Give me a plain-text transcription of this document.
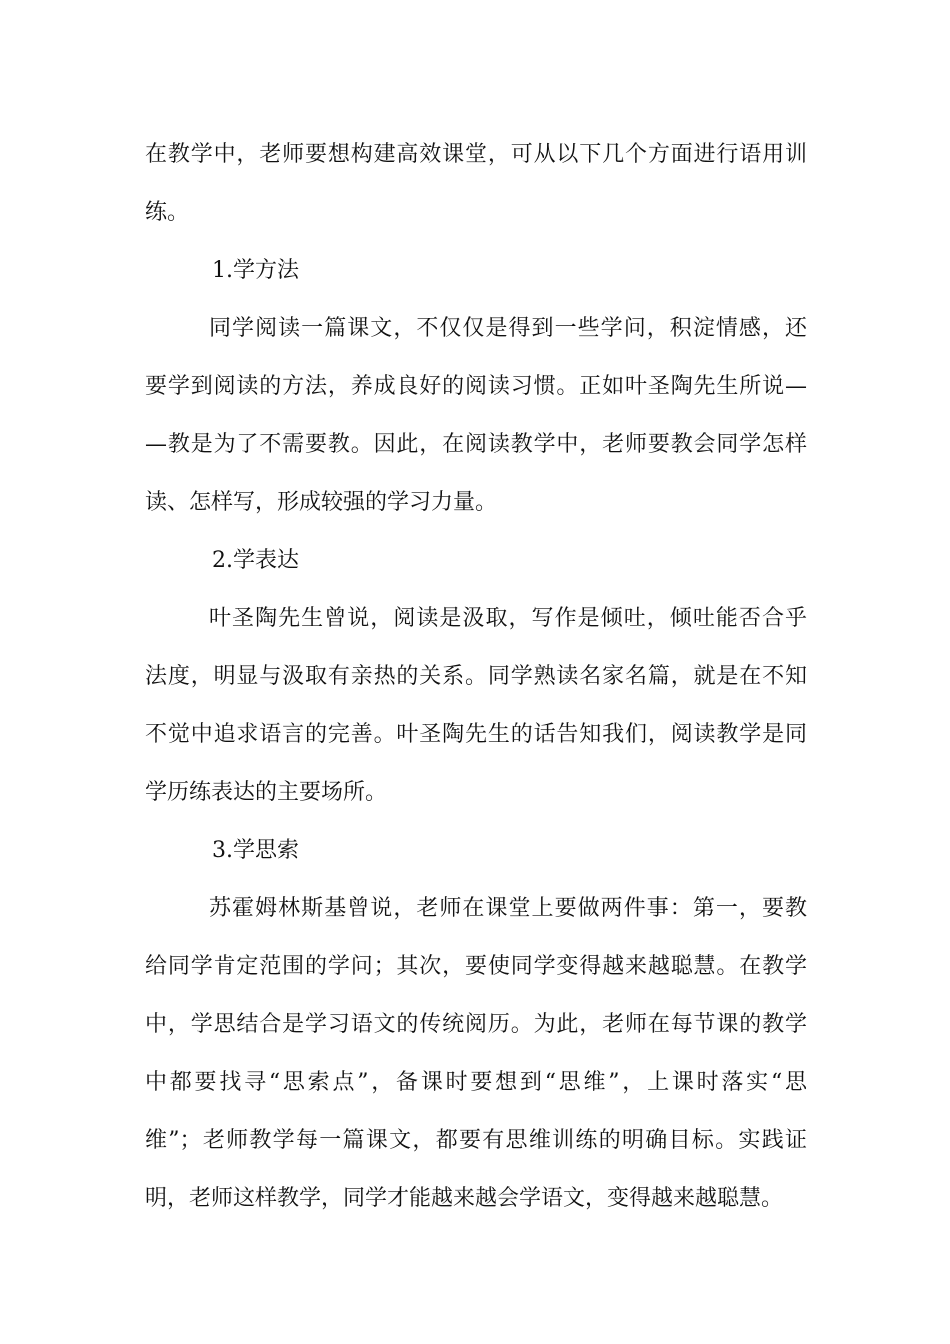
在教学中，老师要想构建高效课堂，可从以下几个方面进行语用训
练。
1.学方法
同学阅读一篇课文，不仅仅是得到一些学问，积淀情感，还
要学到阅读的方法，养成良好的阅读习惯。正如叶圣陶先生所说—
—教是为了不需要教。因此，在阅读教学中，老师要教会同学怎样
读、怎样写，形成较强的学习力量。
2.学表达
叶圣陶先生曾说，阅读是汲取，写作是倾吐，倾吐能否合乎
法度，明显与汲取有亲热的关系。同学熟读名家名篇，就是在不知
不觉中追求语言的完善。叶圣陶先生的话告知我们，阅读教学是同
学历练表达的主要场所。
3.学思索
苏霍姆林斯基曾说，老师在课堂上要做两件事：第一，要教
给同学肯定范围的学问；其次，要使同学变得越来越聪慧。在教学
中，学思结合是学习语文的传统阅历。为此，老师在每节课的教学
中都要找寻“思索点”，备课时要想到“思维”，上课时落实“思
维”；老师教学每一篇课文，都要有思维训练的明确目标。实践证
明，老师这样教学，同学才能越来越会学语文，变得越来越聪慧。
